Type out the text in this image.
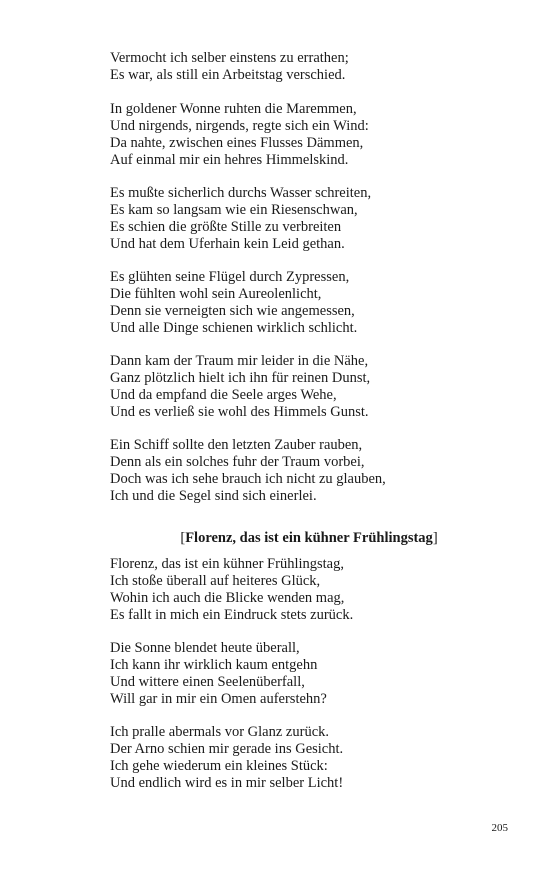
Vermocht ich selber einstens zu errathen;
Es war, als still ein Arbeitstag verschied.
In goldener Wonne ruhten die Maremmen,
Und nirgends, nirgends, regte sich ein Wind:
Da nahte, zwischen eines Flusses Dämmen,
Auf einmal mir ein hehres Himmelskind.
Es mußte sicherlich durchs Wasser schreiten,
Es kam so langsam wie ein Riesenschwan,
Es schien die größte Stille zu verbreiten
Und hat dem Uferhain kein Leid gethan.
Es glühten seine Flügel durch Zypressen,
Die fühlten wohl sein Aureolenlicht,
Denn sie verneigten sich wie angemessen,
Und alle Dinge schienen wirklich schlicht.
Dann kam der Traum mir leider in die Nähe,
Ganz plötzlich hielt ich ihn für reinen Dunst,
Und da empfand die Seele arges Wehe,
Und es verließ sie wohl des Himmels Gunst.
Ein Schiff sollte den letzten Zauber rauben,
Denn als ein solches fuhr der Traum vorbei,
Doch was ich sehe brauch ich nicht zu glauben,
Ich und die Segel sind sich einerlei.
[Florenz, das ist ein kühner Frühlingstag]
Florenz, das ist ein kühner Frühlingstag,
Ich stoße überall auf heiteres Glück,
Wohin ich auch die Blicke wenden mag,
Es fallt in mich ein Eindruck stets zurück.
Die Sonne blendet heute überall,
Ich kann ihr wirklich kaum entgehn
Und wittere einen Seelenüberfall,
Will gar in mir ein Omen auferstehn?
Ich pralle abermals vor Glanz zurück.
Der Arno schien mir gerade ins Gesicht.
Ich gehe wiederum ein kleines Stück:
Und endlich wird es in mir selber Licht!
205
